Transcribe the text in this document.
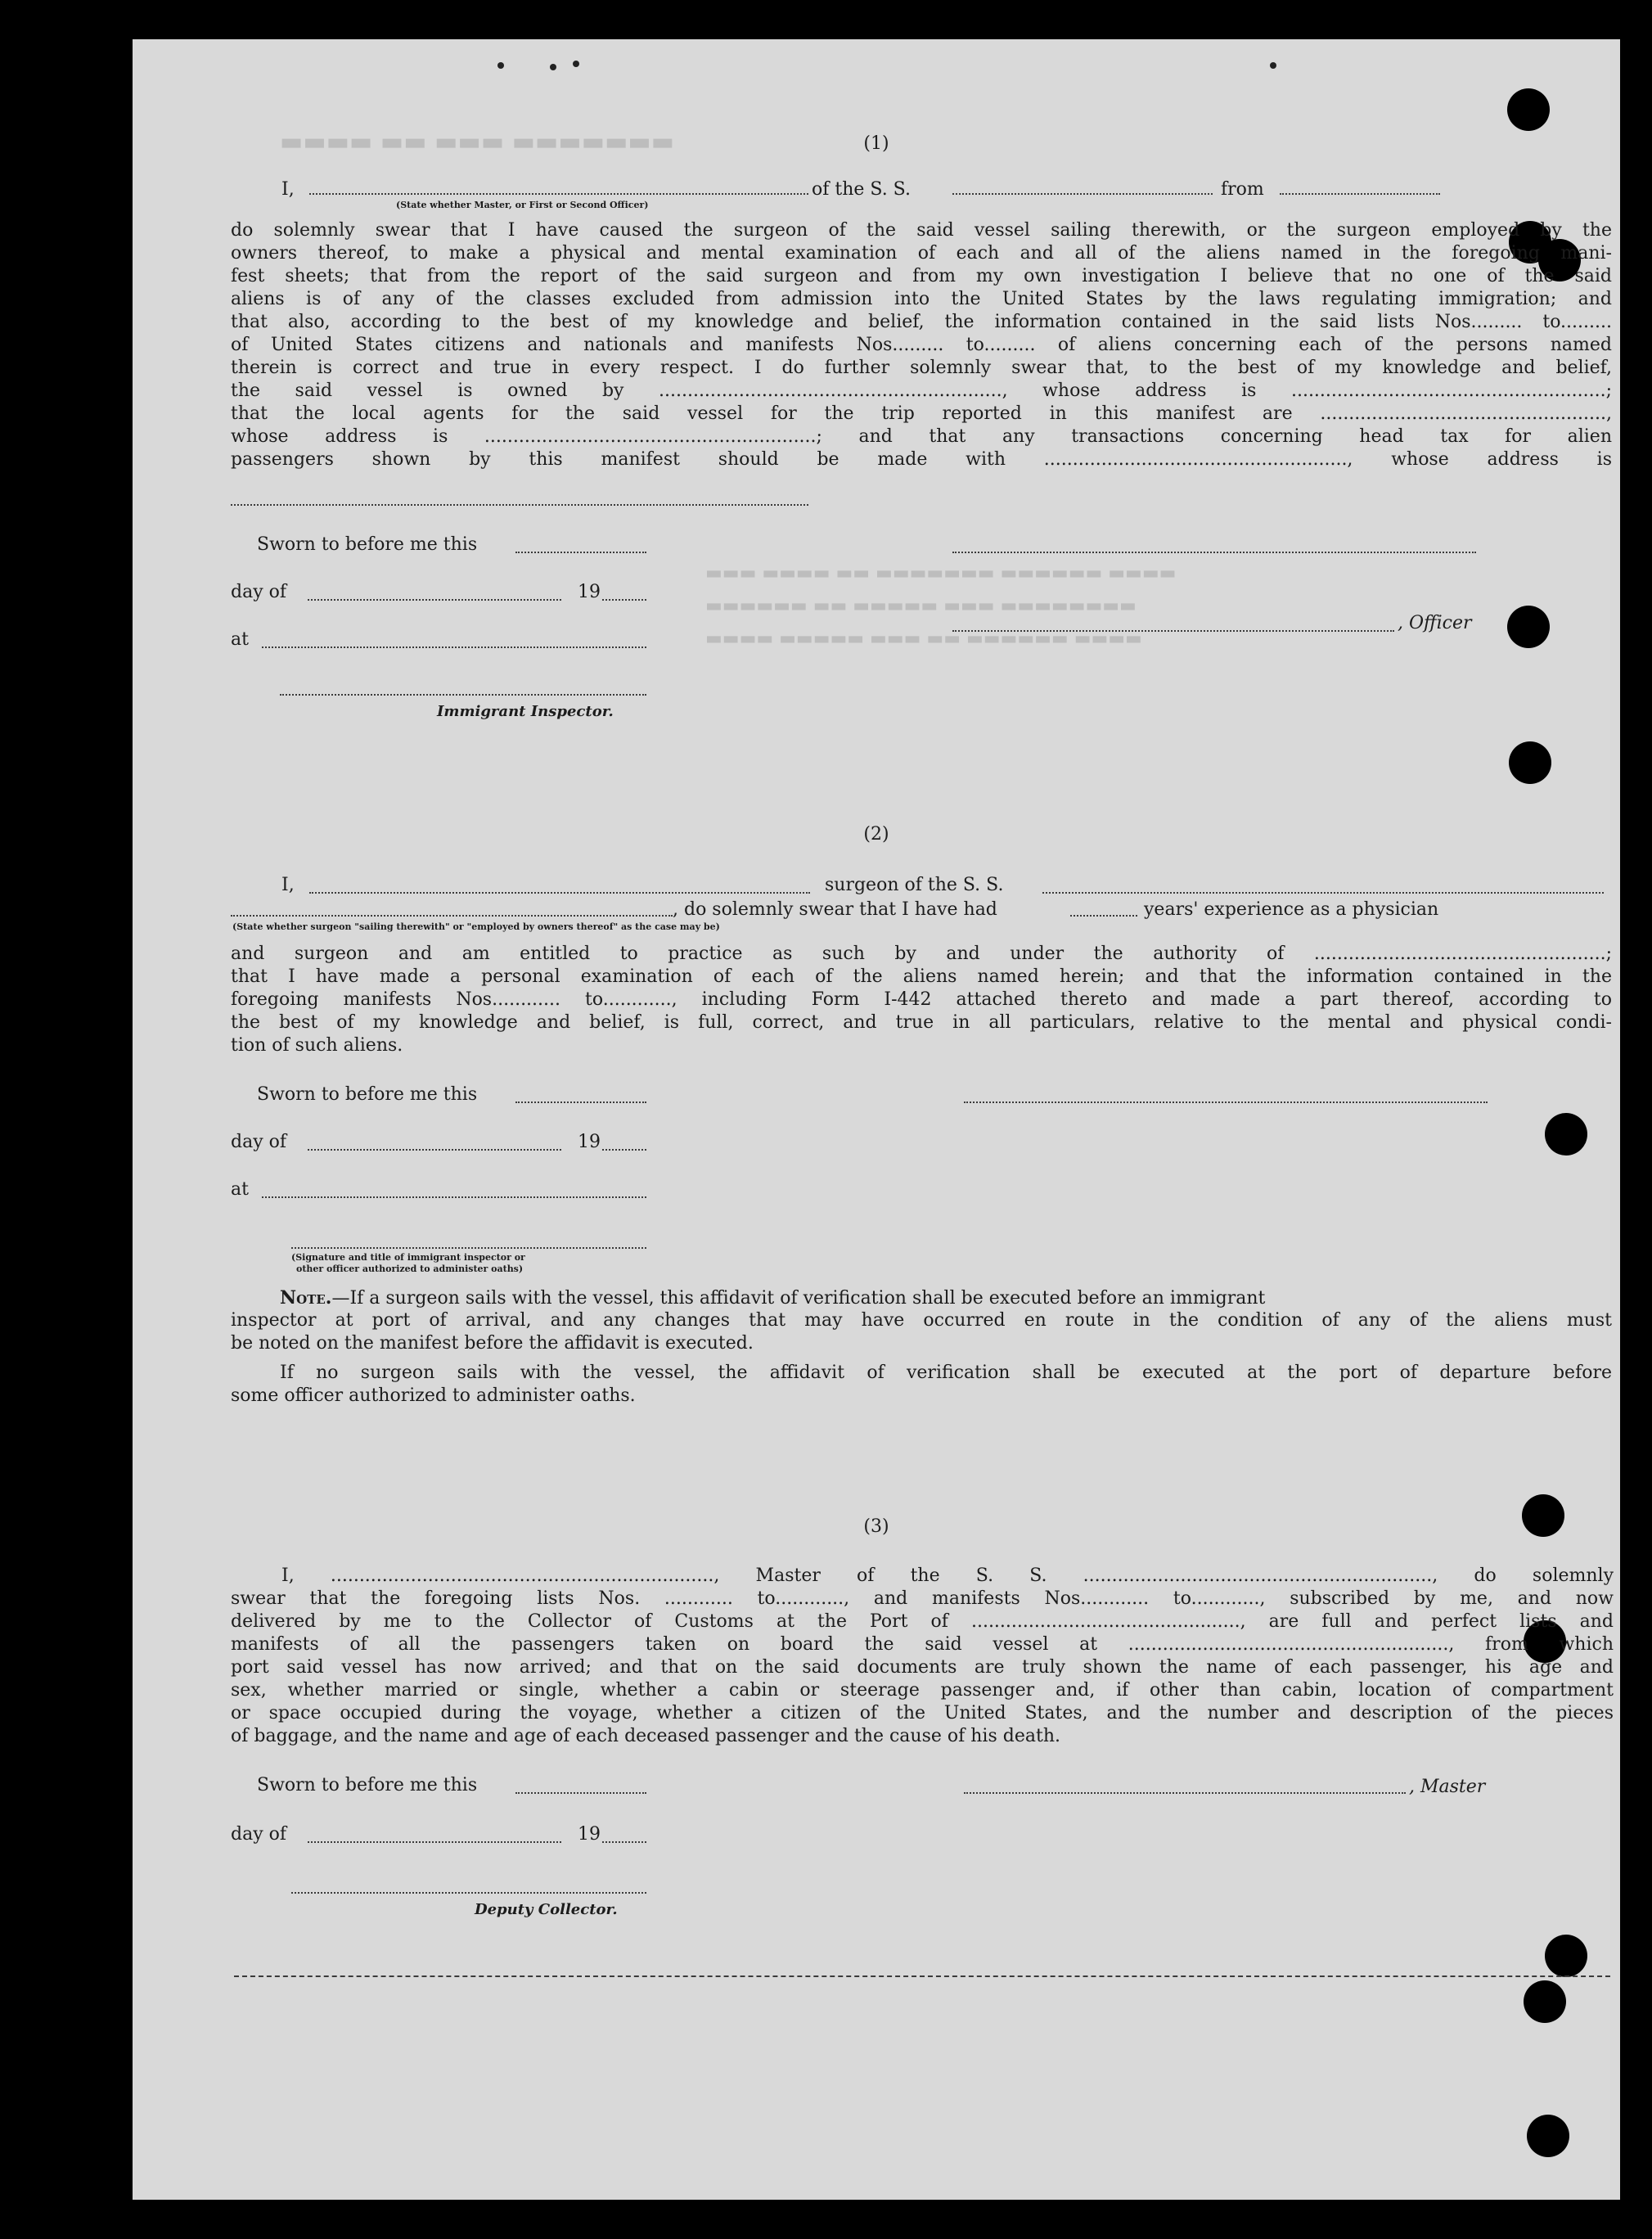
▬▬▬▬ ▬▬ ▬▬▬ ▬▬▬▬▬▬▬
▬▬▬ ▬▬▬▬ ▬▬ ▬▬▬▬▬▬▬ ▬▬▬▬▬▬ ▬▬▬▬
▬▬▬▬▬▬ ▬▬ ▬▬▬▬▬ ▬▬▬ ▬▬▬▬▬▬▬▬
▬▬▬▬ ▬▬▬▬▬ ▬▬▬ ▬▬ ▬▬▬▬▬▬ ▬▬▬▬
(1)
I,	of the S. S.	from
(State whether Master, or First or Second Officer)
do solemnly swear that I have caused the surgeon of the said vessel sailing therewith, or the surgeon employed by the
owners thereof, to make a physical and mental examination of each and all of the aliens named in the foregoing mani-
fest sheets; that from the report of the said surgeon and from my own investigation I believe that no one of the said
aliens is of any of the classes excluded from admission into the United States by the laws regulating immigration; and
that also, according to the best of my knowledge and belief, the information contained in the said lists Nos......... to.........
of United States citizens and nationals and manifests Nos......... to......... of aliens concerning each of the persons named
therein is correct and true in every respect. I do further solemnly swear that, to the best of my knowledge and belief,
the said vessel is owned by ............................................................, whose address is .......................................................;
that the local agents for the said vessel for the trip reported in this manifest are ..................................................,
whose address is ..........................................................; and that any transactions concerning head tax for alien
passengers shown by this manifest should be made with ....................................................., whose address is
Sworn to before me this
day of	19
, Officer
at
Immigrant Inspector.
(2)
I,	surgeon of the S. S.
, do solemnly swear that I have had	years' experience as a physician
(State whether surgeon "sailing therewith" or "employed by owners thereof" as the case may be)
and surgeon and am entitled to practice as such by and under the authority of ...................................................;
that I have made a personal examination of each of the aliens named herein; and that the information contained in the
foregoing manifests Nos............ to............, including Form I-442 attached thereto and made a part thereof, according to
the best of my knowledge and belief, is full, correct, and true in all particulars, relative to the mental and physical condi-
tion of such aliens.
Sworn to before me this
day of	19
at
(Signature and title of immigrant inspector or
other officer authorized to administer oaths)
Note.—If a surgeon sails with the vessel, this affidavit of verification shall be executed before an immigrant
inspector at port of arrival, and any changes that may have occurred en route in the condition of any of the aliens must
be noted on the manifest before the affidavit is executed.
If no surgeon sails with the vessel, the affidavit of verification shall be executed at the port of departure before
some officer authorized to administer oaths.
(3)
I, ..................................................................., Master of the S. S. ............................................................., do solemnly
swear that the foregoing lists Nos. ............ to............, and manifests Nos............ to............, subscribed by me, and now
delivered by me to the Collector of Customs at the Port of ..............................................., are full and perfect lists and
manifests of all the passengers taken on board the said vessel at ........................................................, from which
port said vessel has now arrived; and that on the said documents are truly shown the name of each passenger, his age and
sex, whether married or single, whether a cabin or steerage passenger and, if other than cabin, location of compartment
or space occupied during the voyage, whether a citizen of the United States, and the number and description of the pieces
of baggage, and the name and age of each deceased passenger and the cause of his death.
Sworn to before me this	, Master
day of	19
Deputy Collector.
